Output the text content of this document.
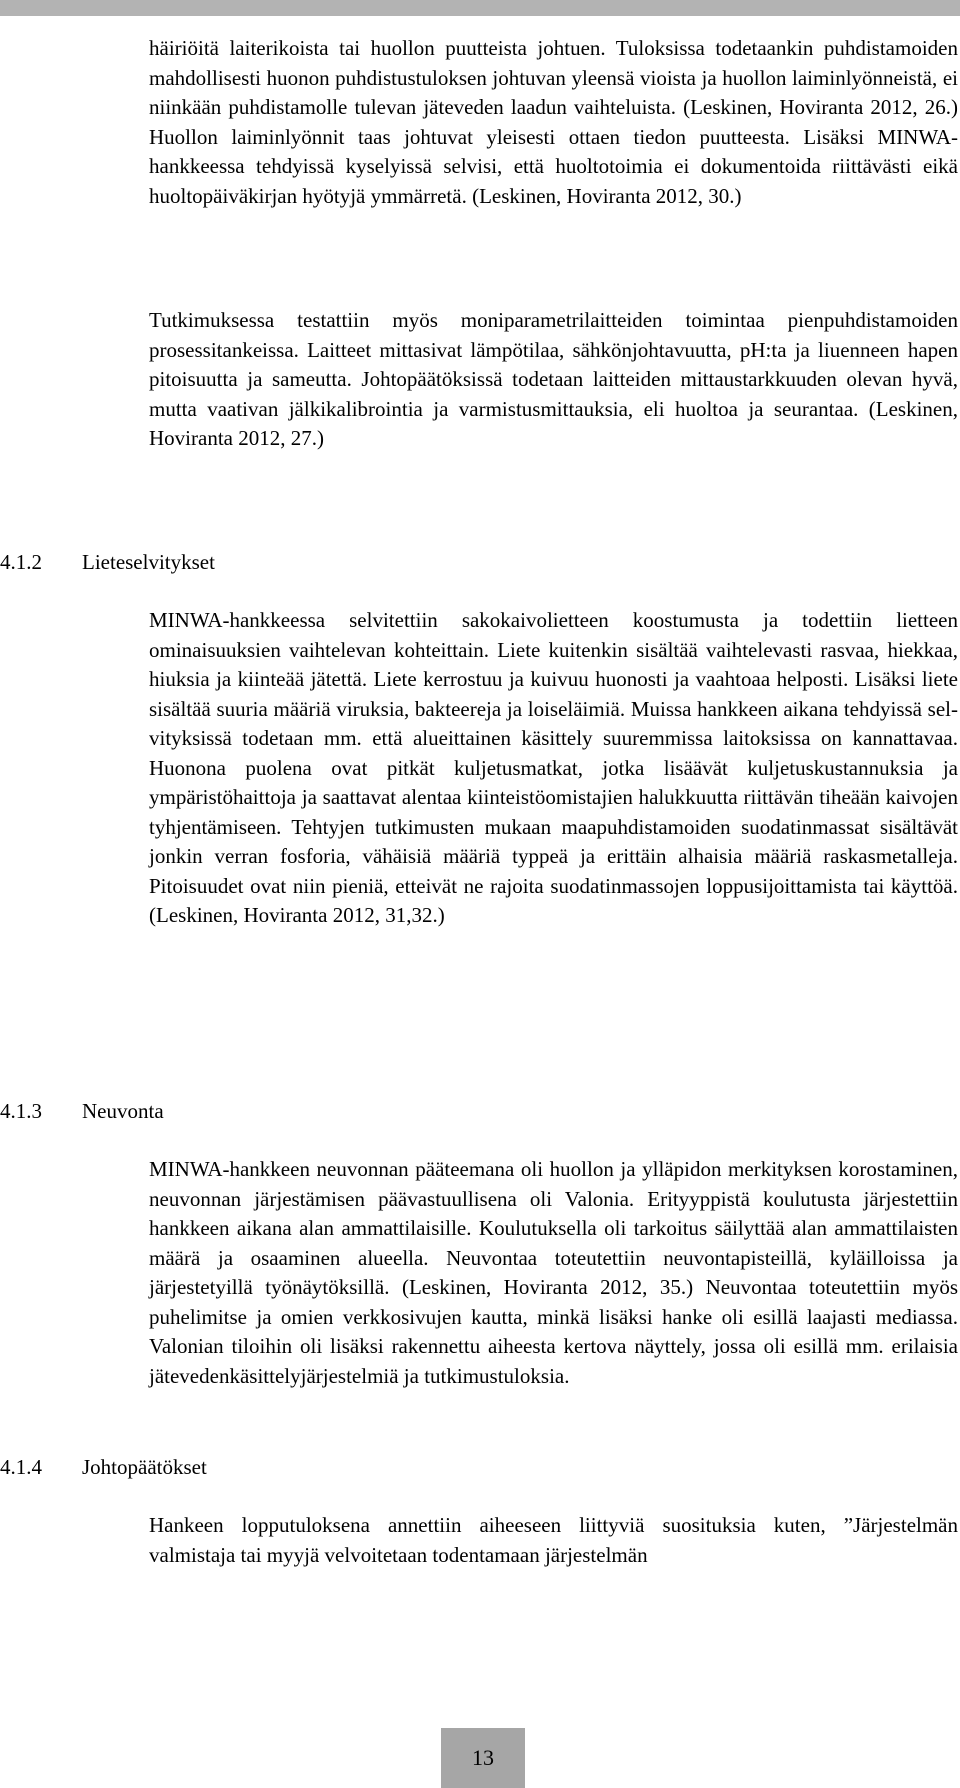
häiriöitä laiterikoista tai huollon puutteista johtuen. Tuloksissa todetaankin puhdistamoiden mahdollisesti huonon puhdistustuloksen johtuvan yleensä vioista ja huollon laiminlyönneistä, ei niinkään puhdistamolle tulevan jäteveden laadun vaihteluista. (Leskinen, Hoviranta 2012, 26.) Huollon laiminlyönnit taas johtuvat yleisesti ottaen tiedon puutteesta. Lisäksi MINWA-hankkeessa tehdyissä kyselyissä selvisi, että huoltotoimia ei dokumentoida riittävästi eikä huoltopäiväkirjan hyötyjä ymmärretä. (Leskinen, Hoviranta 2012, 30.)

Tutkimuksessa testattiin myös moniparametrilaitteiden toimintaa pienpuhdistamoiden prosessitankeissa. Laitteet mittasivat lämpötilaa, sähkönjohtavuutta, pH:ta ja liuenneen hapen pitoisuutta ja sameutta. Johtopäätöksissä todetaan laitteiden mittaustarkkuuden olevan hyvä, mutta vaativan jälkikalibrointia ja varmistusmittauksia, eli huoltoa ja seurantaa. (Leskinen, Hoviranta 2012, 27.)

4.1.2 Lieteselvitykset

MINWA-hankkeessa selvitettiin sakokaivolietteen koostumusta ja todettiin lietteen ominaisuuksien vaihtelevan kohteittain. Liete kuitenkin sisältää vaihtelevasti rasvaa, hiekkaa, hiuksia ja kiinteää jätettä. Liete kerrostuu ja kuivuu huonosti ja vaahtoaa helposti. Lisäksi liete sisältää suuria määriä viruksia, bakteereja ja loiseläimiä. Muissa hankkeen aikana tehdyissä selvityksissä todetaan mm. että alueittainen käsittely suuremmissa laitoksissa on kannattavaa. Huonona puolena ovat pitkät kuljetusmatkat, jotka lisäävät kuljetuskustannuksia ja ympäristöhaittoja ja saattavat alentaa kiinteistöomistajien halukkuutta riittävän tiheään kaivojen tyhjentämiseen. Tehtyjen tutkimusten mukaan maapuhdistamoiden suodatinmassat sisältävät jonkin verran fosforia, vähäisiä määriä typpeä ja erittäin alhaisia määriä raskasmetalleja. Pitoisuudet ovat niin pieniä, etteivät ne rajoita suodatinmassojen loppusijoittamista tai käyttöä. (Leskinen, Hoviranta 2012, 31,32.)

4.1.3 Neuvonta

MINWA-hankkeen neuvonnan pääteemana oli huollon ja ylläpidon merkityksen korostaminen, neuvonnan järjestämisen päävastuullisena oli Valonia. Erityyppistä koulutusta järjestettiin hankkeen aikana alan ammattilaisille. Koulutuksella oli tarkoitus säilyttää alan ammattilaisten määrä ja osaaminen alueella. Neuvontaa toteutettiin neuvontapisteillä, kyläilloissa ja järjestetyillä työnäytöksillä. (Leskinen, Hoviranta 2012, 35.) Neuvontaa toteutettiin myös puhelimitse ja omien verkkosivujen kautta, minkä lisäksi hanke oli esillä laajasti mediassa. Valonian tiloihin oli lisäksi rakennettu aiheesta kertova näyttely, jossa oli esillä mm. erilaisia jätevedenkäsittelyjärjestelmiä ja tutkimustuloksia.

4.1.4 Johtopäätökset

Hankeen lopputuloksena annettiin aiheeseen liittyviä suosituksia kuten, ”Järjestelmän valmistaja tai myyjä velvoitetaan todentamaan järjestelmän

13
